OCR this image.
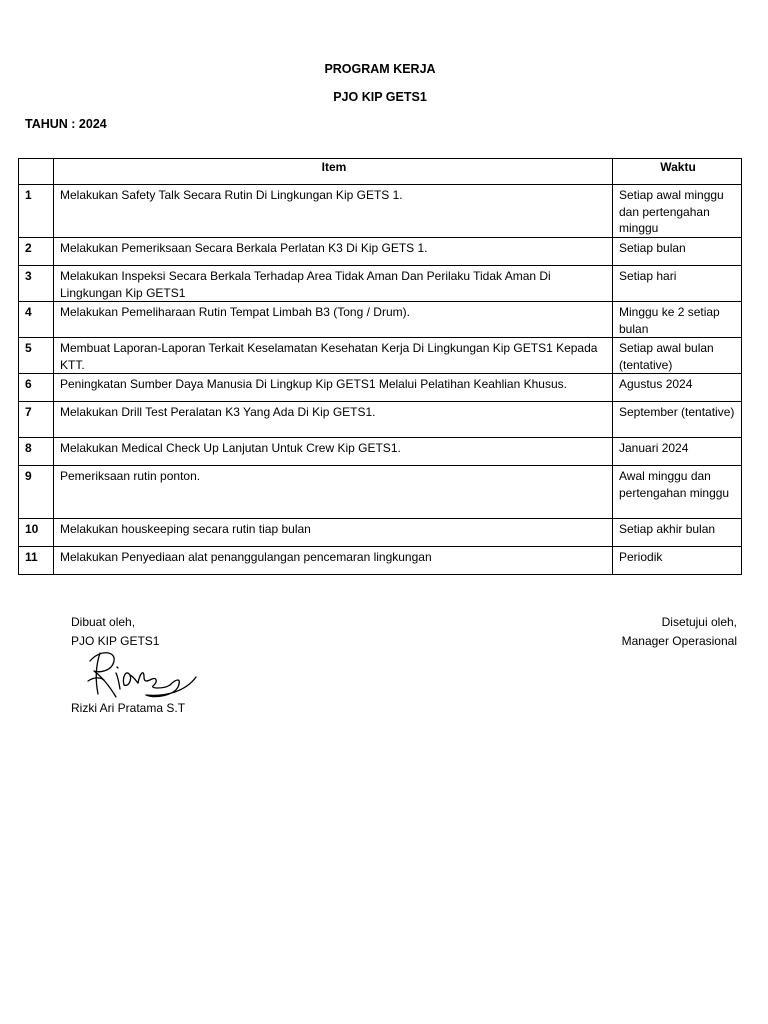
PROGRAM KERJA
PJO KIP GETS1
TAHUN : 2024
	Item	Waktu
1	Melakukan Safety Talk Secara Rutin Di Lingkungan Kip GETS 1.	Setiap awal minggu dan pertengahan minggu
2	Melakukan Pemeriksaan Secara Berkala Perlatan K3 Di Kip GETS 1.	Setiap bulan
3	Melakukan Inspeksi Secara Berkala Terhadap Area Tidak Aman Dan Perilaku Tidak Aman Di Lingkungan Kip GETS1	Setiap hari
4	Melakukan Pemeliharaan Rutin Tempat Limbah B3 (Tong / Drum).	Minggu ke 2 setiap bulan
5	Membuat Laporan-Laporan Terkait Keselamatan Kesehatan Kerja Di Lingkungan Kip GETS1 Kepada KTT.	Setiap awal bulan (tentative)
6	Peningkatan Sumber Daya Manusia Di Lingkup Kip GETS1 Melalui Pelatihan Keahlian Khusus.	Agustus 2024
7	Melakukan Drill Test Peralatan K3 Yang Ada Di Kip GETS1.	September (tentative)
8	Melakukan Medical Check Up Lanjutan Untuk Crew Kip GETS1.	Januari 2024
9	Pemeriksaan rutin ponton.	Awal minggu dan pertengahan minggu
10	Melakukan houskeeping secara rutin tiap bulan	Setiap akhir bulan
11	Melakukan Penyediaan alat penanggulangan pencemaran lingkungan	Periodik
Dibuat oleh,
PJO KIP GETS1
Rizki Ari Pratama S.T
Disetujui oleh,
Manager Operasional
